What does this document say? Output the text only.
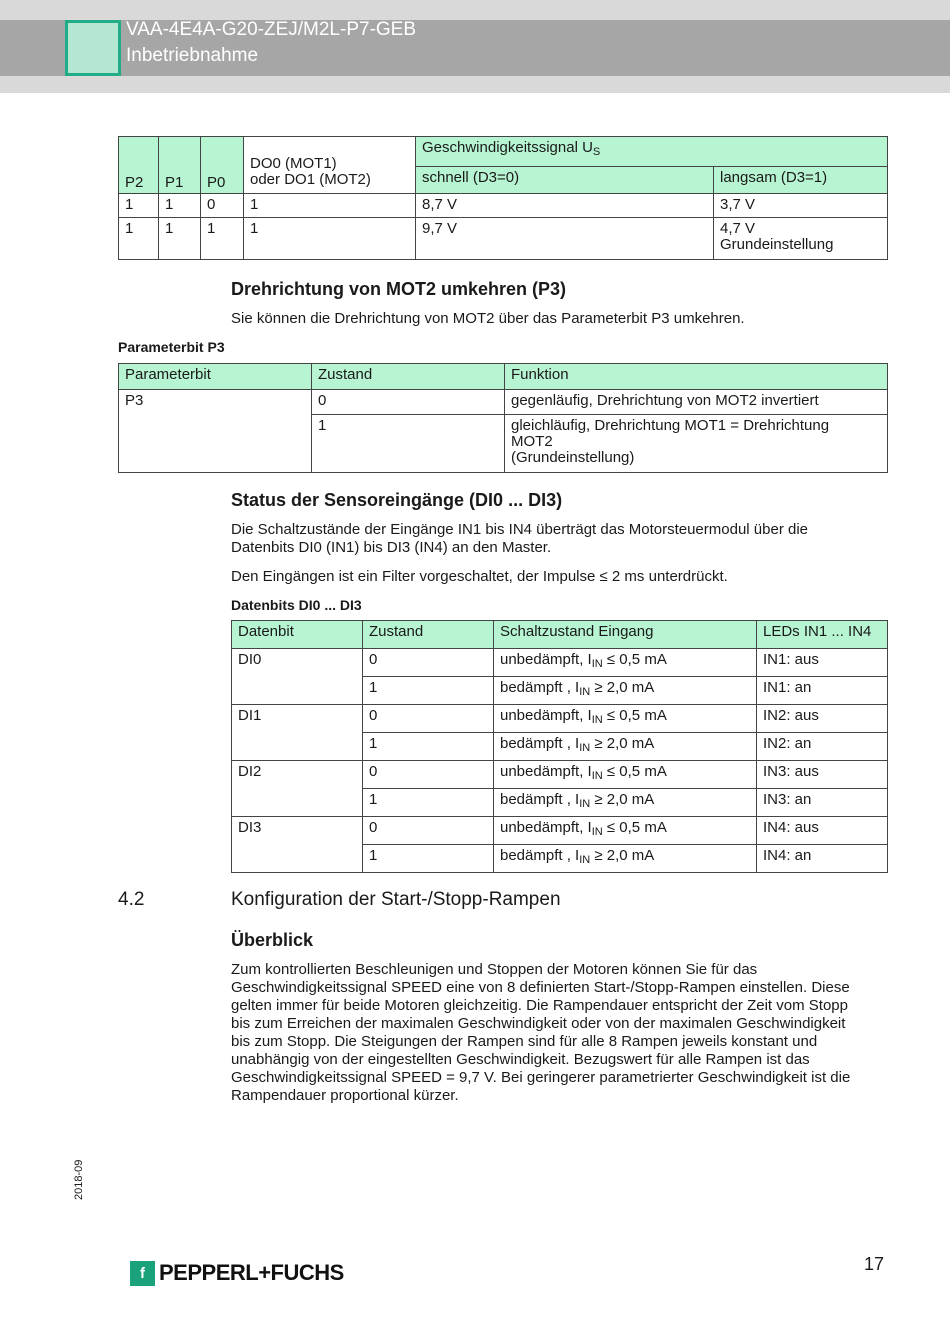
VAA-4E4A-G20-ZEJ/M2L-P7-GEB
Inbetriebnahme
P2	P1	P0	DO0 (MOT1)
oder DO1 (MOT2)	Geschwindigkeitssignal $U_S$
				schnell (D3=0)	langsam (D3=1)
1	1	0	1	8,7 V	3,7 V
1	1	1	1	9,7 V	4,7 V
Grundeinstellung
Drehrichtung von MOT2 umkehren (P3)
Sie können die Drehrichtung von MOT2 über das Parameterbit P3 umkehren.
Parameterbit P3
Parameterbit	Zustand	Funktion
P3	0	gegenläufig, Drehrichtung von MOT2 invertiert
	1	gleichläufig, Drehrichtung MOT1 = Drehrichtung
MOT2
(Grundeinstellung)
Status der Sensoreingänge (DI0 ... DI3)
Die Schaltzustände der Eingänge IN1 bis IN4 überträgt das Motorsteuermodul über die
Datenbits DI0 (IN1) bis DI3 (IN4) an den Master.
Den Eingängen ist ein Filter vorgeschaltet, der Impulse ≤ 2 ms unterdrückt.
Datenbits DI0 ... DI3
Datenbit	Zustand	Schaltzustand Eingang	LEDs IN1 ... IN4
DI0	0	unbedämpft, $I_{IN} \le 0,5$ mA	IN1: aus
	1	bedämpft , $I_{IN} \ge 2,0$ mA	IN1: an
DI1	0	unbedämpft, $I_{IN} \le 0,5$ mA	IN2: aus
	1	bedämpft , $I_{IN} \ge 2,0$ mA	IN2: an
DI2	0	unbedämpft, $I_{IN} \le 0,5$ mA	IN3: aus
	1	bedämpft , $I_{IN} \ge 2,0$ mA	IN3: an
DI3	0	unbedämpft, $I_{IN} \le 0,5$ mA	IN4: aus
	1	bedämpft , $I_{IN} \ge 2,0$ mA	IN4: an
4.2	Konfiguration der Start-/Stopp-Rampen
Überblick
Zum kontrollierten Beschleunigen und Stoppen der Motoren können Sie für das
Geschwindigkeitssignal SPEED eine von 8 definierten Start-/Stopp-Rampen einstellen. Diese
gelten immer für beide Motoren gleichzeitig. Die Rampendauer entspricht der Zeit vom Stopp
bis zum Erreichen der maximalen Geschwindigkeit oder von der maximalen Geschwindigkeit
bis zum Stopp. Die Steigungen der Rampen sind für alle 8 Rampen jeweils konstant und
unabhängig von der eingestellten Geschwindigkeit. Bezugswert für alle Rampen ist das
Geschwindigkeitssignal SPEED = 9,7 V. Bei geringerer parametrierter Geschwindigkeit ist die
Rampendauer proportional kürzer.
2018-09
f PEPPERL+FUCHS	17
